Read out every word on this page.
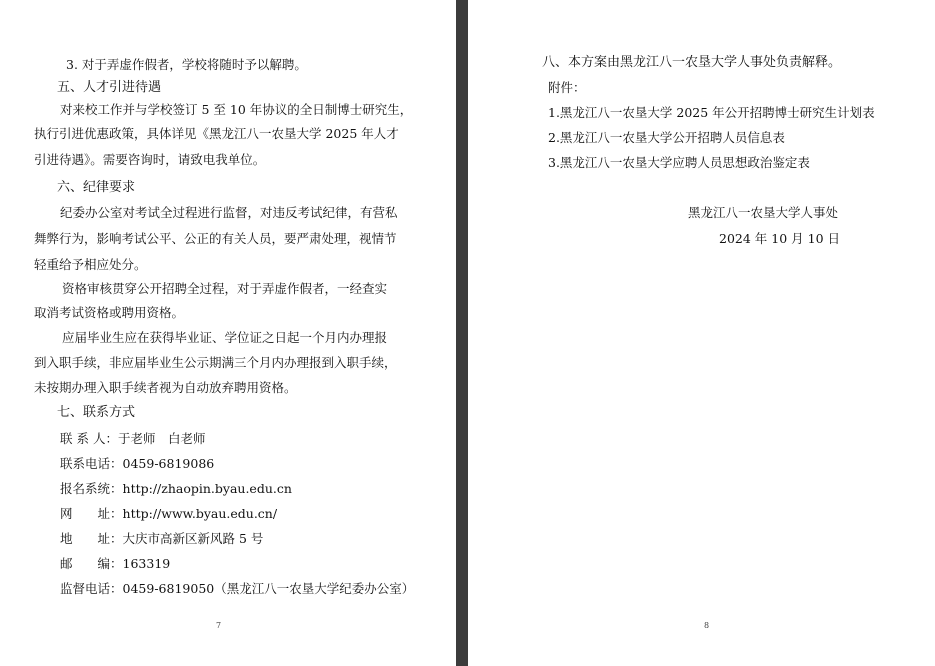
3. 对于弄虚作假者，学校将随时予以解聘。
五、人才引进待遇
对来校工作并与学校签订 5 至 10 年协议的全日制博士研究生，
执行引进优惠政策，具体详见《黑龙江八一农垦大学 2025 年人才
引进待遇》。需要咨询时，请致电我单位。
六、纪律要求
纪委办公室对考试全过程进行监督，对违反考试纪律，有营私
舞弊行为，影响考试公平、公正的有关人员，要严肃处理，视情节
轻重给予相应处分。
资格审核贯穿公开招聘全过程，对于弄虚作假者，一经查实
取消考试资格或聘用资格。
应届毕业生应在获得毕业证、学位证之日起一个月内办理报
到入职手续，非应届毕业生公示期满三个月内办理报到入职手续，
未按期办理入职手续者视为自动放弃聘用资格。
七、联系方式
联 系 人：于老师　白老师
联系电话：0459-6819086
报名系统：http://zhaopin.byau.edu.cn
网　　址：http://www.byau.edu.cn/
地　　址：大庆市高新区新风路 5 号
邮　　编：163319
监督电话：0459-6819050（黑龙江八一农垦大学纪委办公室）
7
八、本方案由黑龙江八一农垦大学人事处负责解释。
附件：
1.黑龙江八一农垦大学 2025 年公开招聘博士研究生计划表
2.黑龙江八一农垦大学公开招聘人员信息表
3.黑龙江八一农垦大学应聘人员思想政治鉴定表
黑龙江八一农垦大学人事处
2024 年 10 月 10 日
8
